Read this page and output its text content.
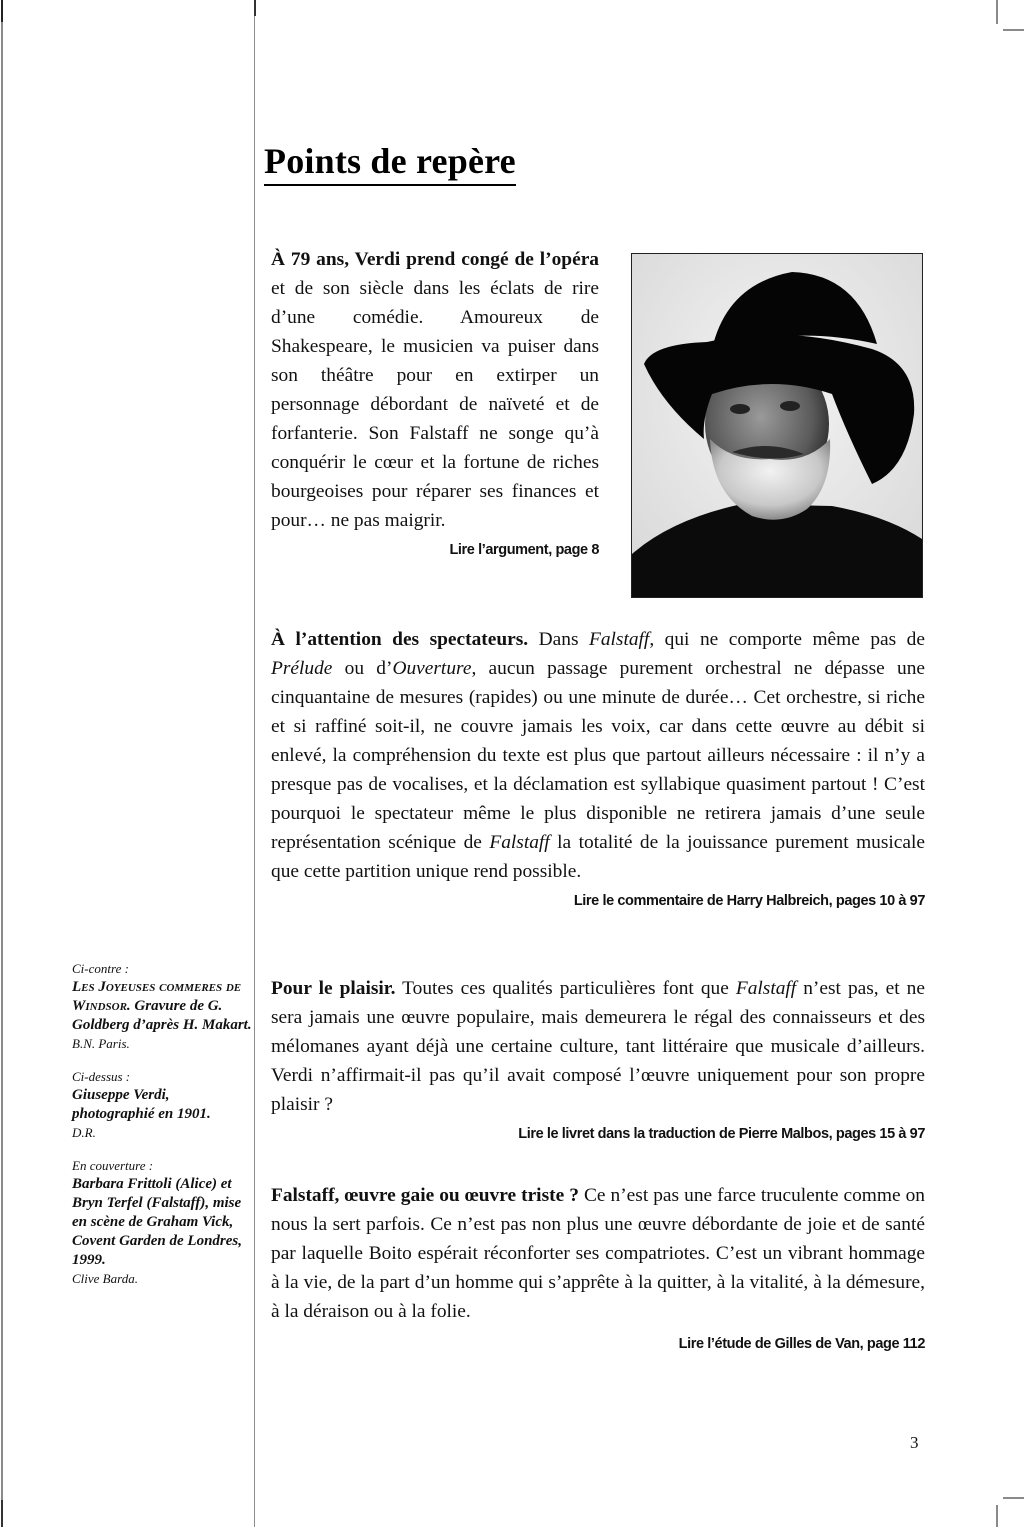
Points de repère

À 79 ans, Verdi prend congé de l’opéra et de son siècle dans les éclats de rire d’une comédie. Amoureux de Shakespeare, le musicien va puiser dans son théâtre pour en extirper un personnage débordant de naïveté et de forfanterie. Son Falstaff ne songe qu’à conquérir le cœur et la fortune de riches bourgeoises pour réparer ses finances et pour… ne pas maigrir.

Lire l’argument, page 8

À l’attention des spectateurs. Dans Falstaff, qui ne comporte même pas de Prélude ou d’Ouverture, aucun passage purement orchestral ne dépasse une cinquantaine de mesures (rapides) ou une minute de durée… Cet orchestre, si riche et si raffiné soit-il, ne couvre jamais les voix, car dans cette œuvre au débit si enlevé, la compréhension du texte est plus que partout ailleurs nécessaire : il n’y a presque pas de vocalises, et la déclamation est syllabique quasiment partout ! C’est pourquoi le spectateur même le plus disponible ne retirera jamais d’une seule représentation scénique de Falstaff la totalité de la jouissance purement musicale que cette partition unique rend possible.

Lire le commentaire de Harry Halbreich, pages 10 à 97

Pour le plaisir. Toutes ces qualités particulières font que Falstaff n’est pas, et ne sera jamais une œuvre populaire, mais demeurera le régal des connaisseurs et des mélomanes ayant déjà une certaine culture, tant littéraire que musicale d’ailleurs. Verdi n’affirmait-il pas qu’il avait composé l’œuvre uniquement pour son propre plaisir ?

Lire le livret dans la traduction de Pierre Malbos, pages 15 à 97

Falstaff, œuvre gaie ou œuvre triste ? Ce n’est pas une farce truculente comme on nous la sert parfois. Ce n’est pas non plus une œuvre débordante de joie et de santé par laquelle Boito espérait réconforter ses compatriotes. C’est un vibrant hommage à la vie, de la part d’un homme qui s’apprête à la quitter, à la vitalité, à la démesure, à la déraison ou à la folie.

Lire l’étude de Gilles de Van, page 112
Ci-contre :
Les Joyeuses commeres de Windsor. Gravure de G. Goldberg d’après H. Makart.
B.N. Paris.
Ci-dessus :
Giuseppe Verdi, photographié en 1901.
D.R.
En couverture :
Barbara Frittoli (Alice) et Bryn Terfel (Falstaff), mise en scène de Graham Vick, Covent Garden de Londres, 1999.
Clive Barda.
3
